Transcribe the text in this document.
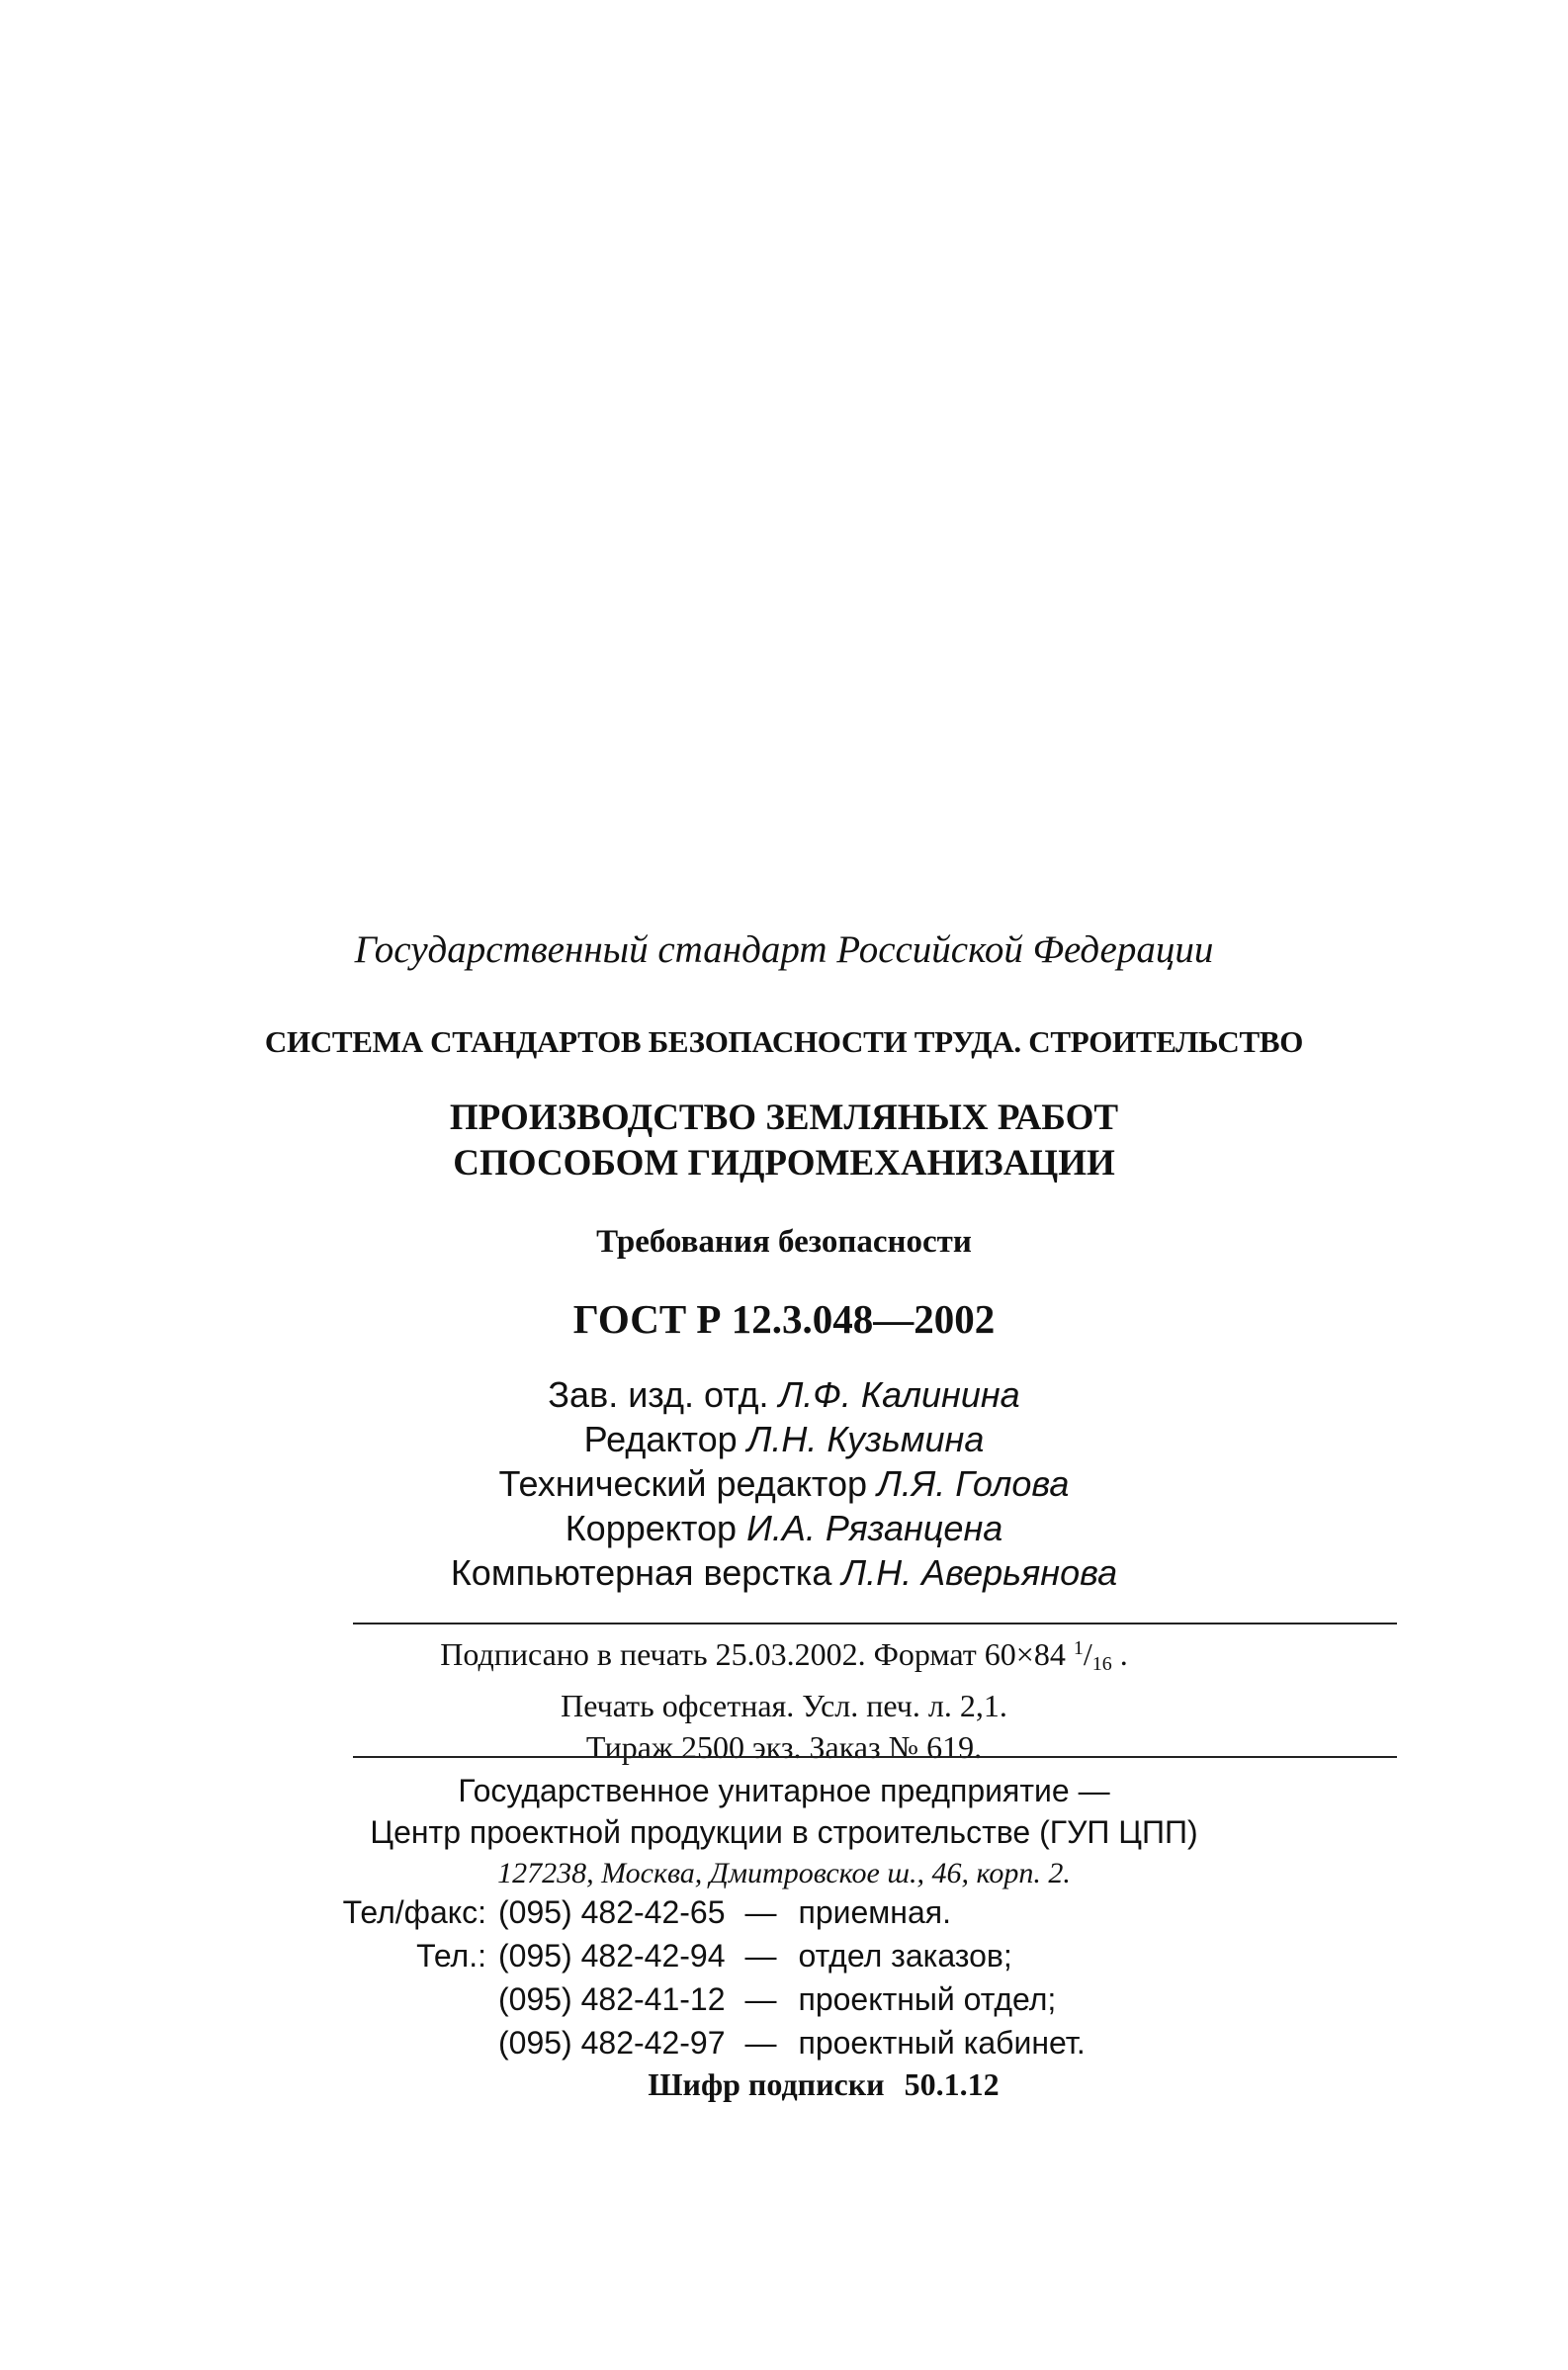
Государственный стандарт Российской Федерации
СИСТЕМА СТАНДАРТОВ БЕЗОПАСНОСТИ ТРУДА. СТРОИТЕЛЬСТВО
ПРОИЗВОДСТВО ЗЕМЛЯНЫХ РАБОТ
СПОСОБОМ ГИДРОМЕХАНИЗАЦИИ
Требования безопасности
ГОСТ Р 12.3.048—2002
Зав. изд. отд. Л.Ф. Калинина
Редактор Л.Н. Кузьмина
Технический редактор Л.Я. Голова
Корректор И.А. Рязанцена
Компьютерная верстка Л.Н. Аверьянова
Подписано в печать 25.03.2002. Формат 60×84 $^1/_{16}$ .
Печать офсетная. Усл. печ. л. 2,1.
Тираж 2500 экз. Заказ № 619.
Государственное унитарное предприятие —
Центр проектной продукции в строительстве (ГУП ЦПП)
127238, Москва, Дмитровское ш., 46, корп. 2.
Тел/факс:	(095) 482-42-65	—	приемная.
Тел.:	(095) 482-42-94	—	отдел заказов;
	(095) 482-41-12	—	проектный отдел;
	(095) 482-42-97	—	проектный кабинет.
Шифр подписки 50.1.12
